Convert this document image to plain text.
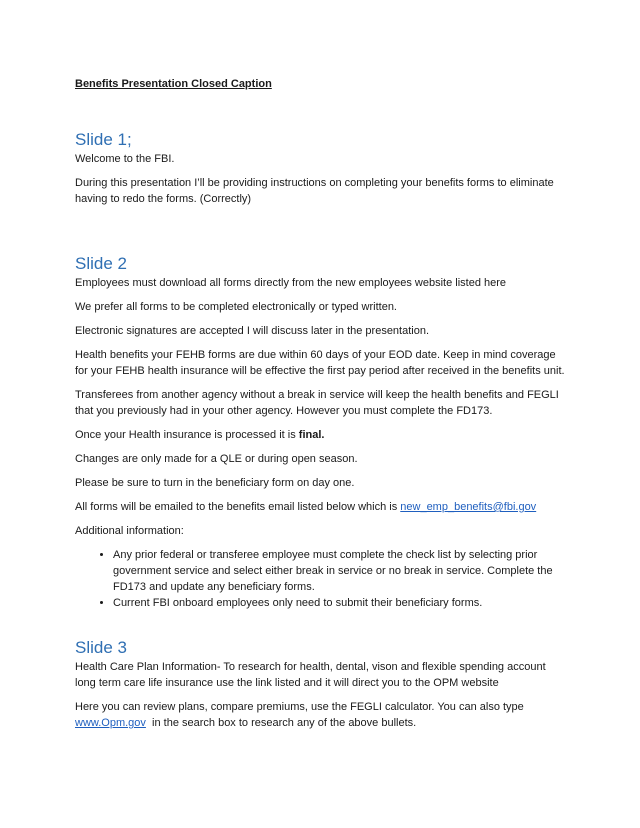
Benefits Presentation Closed Caption

Slide 1;

Welcome to the FBI.

During this presentation I’ll be providing instructions on completing your benefits forms to eliminate having to redo the forms. (Correctly)

Slide 2

Employees must download all forms directly from the new employees website listed here

We prefer all forms to be completed electronically or typed written.

Electronic signatures are accepted I will discuss later in the presentation.

Health benefits your FEHB forms are due within 60 days of your EOD date. Keep in mind coverage for your FEHB health insurance will be effective the first pay period after received in the benefits unit.

Transferees from another agency without a break in service will keep the health benefits and FEGLI that you previously had in your other agency. However you must complete the FD173.

Once your Health insurance is processed it is final.

Changes are only made for a QLE or during open season.

Please be sure to turn in the beneficiary form on day one.

All forms will be emailed to the benefits email listed below which is new_emp_benefits@fbi.gov

Additional information:

• Any prior federal or transferee employee must complete the check list by selecting prior government service and select either break in service or no break in service. Complete the FD173 and update any beneficiary forms.
• Current FBI onboard employees only need to submit their beneficiary forms.
Slide 3

Health Care Plan Information- To research for health, dental, vison and flexible spending account long term care life insurance use the link listed and it will direct you to the OPM website

Here you can review plans, compare premiums, use the FEGLI calculator. You can also type www.Opm.gov  in the search box to research any of the above bullets.
